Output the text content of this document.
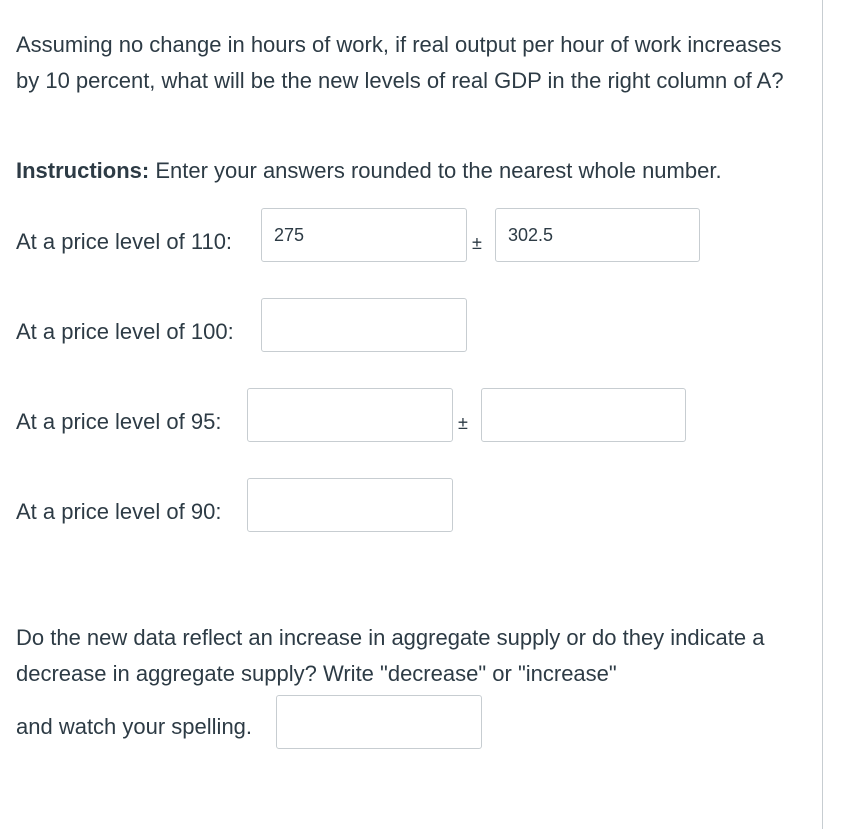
Assuming no change in hours of work, if real output per hour of work increases by 10 percent, what will be the new levels of real GDP in the right column of A?

Instructions: Enter your answers rounded to the nearest whole number.

At a price level of 110:	275	±	302.5
At a price level of 100:
At a price level of 95:	±
At a price level of 90:

Do the new data reflect an increase in aggregate supply or do they indicate a decrease in aggregate supply? Write "decrease" or "increase"

and watch your spelling.
